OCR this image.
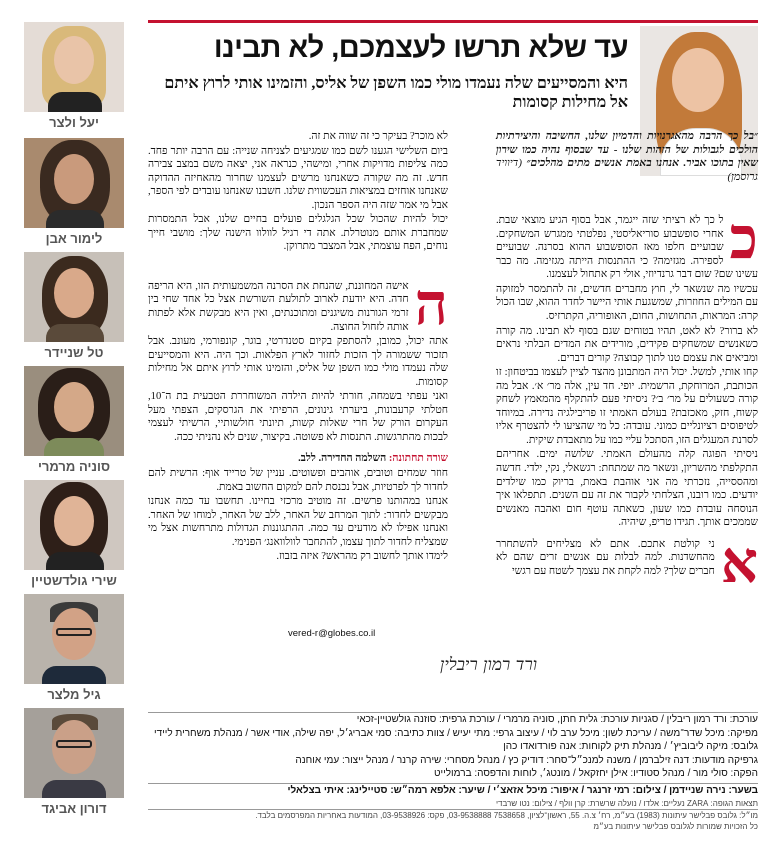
יעל ולצר
לימור אבן
טל שניידר
סוניה מרמרי
שירי גולדשטיין
גיל מלצר
דורון אביגד
עד שלא תרשו לעצמכם, לא תבינו
היא והמסייעים שלה נעמדו מולי כמו השפן של אליס, והזמינו אותי לרוץ איתם אל מחילות קסומות

״בל כך הרבה מהאגרנויות והדמיון שלנו, החשיבה והיצירתיות הולכים לגבולות של הזהות שלנו - עד שבסוף נהיה כמו שירון שאין בתוכו אביר. אנחנו באמת אנשים מתים מהלכים״ (דיוויד גרוסמן)

כ
ל כך לא רציתי שזה ייגמר, אבל בסוף הגיע מוצאי שבת. אחרי סופשבוע סוריאליסטי, נפלטתי ממגרש המשחקים. שבועיים חלפו מאז הסופשבוע ההוא בסרנה. שבועיים לספירה. מגזימה? כי ההתנסות הייתה מגזימה. מה כבר עשינו שם? שום דבר גרנדיוזי, אולי רק אתחול לעצמנו.

עכשיו מה שנשאר לי, חוץ מחברים חדשים, זה להתמסר למזוקה עם המילים החוזרות, שמשגעת אותי היישר לחדר ההוא, שבו הכול קרה: המראות, התחושות, החום, האופוריה, הקתרזיס.

לא ברור? לא לאט, תהיו בטוחים שגם בסוף לא תבינו. מה קורה כשאנשים שמשחקים פקידים, מורידים את המדים הבלתי נראים ומביאים את עצמם טנו לתוך קבוצה? קורים דברים.

קחו אותי, למשל. יכול היה המתבונן מהצד לציין לעצמו בביטחון: זו הכותבת, המרוחקת, הרשמית. יופי. חד עין, אלה מר׳ א׳. אבל מה קורה כשעולים על מר׳ ב׳? ניסיתי פעם להתקלף מהמאמץ לשחק קשוח, חזק, מאכזבת? בעולם האמתי זו פריבילגיה נדירה. במיוחד לטיפוסים רציונליים כמוני. עובדה: כל מי שהציעו לי להצטרף אליו לסרנת המעגלים הזו, הסתכל עליי כמו על מתאבדת שיקית.

ניסיתי הפוגה קלה מהעולם האמתי. שלושה ימים. אחריהם התקלפתי מהשריון, ונשאר מה שמתחת: רגשאלי, נקי, ילדי. חדשה ומהססייה, נזכרתי מה אני אוהבת באמת, בריוק כמו שילדים יודעים. כמו רובנו, הצלחתי לקבור את זה עם השנים. תתפלאו איך הנוסחה עובדת כמו שעון, כשאתה עוטף חום ואהבה מאנשים שממכים אותך. תגידו טריפ, שיהיה.

א
ני קולטת אתכם. אתם לא מצליחים להשתחרר מהחשדנות. למה לבלות עם אנשים זרים שהם לא חברים שלך? למה לקחת את עצמך לשטח עם רגשי

לא מוכר? בעיקר כי זה שווה את זה.

ביום השלישי הגענו לשם כמו שמגיעים לצניחה שנייה: עם הרבה יותר פחד. כמה צליפות מדויקות אחרי, ומישהי, כנראה אני, יצאה משם במצב צבירה חדש. זה מה שקורה כשאנחנו מרשים לעצמנו שחרור מהאחיזה ההדוקה שאנחנו אוחזים במציאות העכשווית שלנו. חשבנו שאנחנו עובדים לפי הספר, אבל מי אמר שזה היה הספר הנכון.

יכול להיות שהכול שכל הגלגלים פועלים בחיים שלנו, אבל התמסרות שמחברת אותם מנוטרלת. אתה די רגיל לוולוו הישנה שלך: מושבי חייך נוחים, הפח עוצמתי, אבל המצבר מתרוקן.

ה
אישה המחוננת, שהנחת את הסרנה המשמעותית הזו, היא הריפה חדה. היא יודעת לארוב לתולעת השורשת אצל כל אחד שחי בין זרמי הגורנות משיגנים ומתוכנתים, ואין היא מבקשת אלא לפתות אותה לזחול החוצה.

אתה יכול, כמובן, להסתפק בקיום סטנדרטי, בוגר, קונפורמי, מעונב. אבל תזכור ששמורה לך הזכות לחזור לארץ הפלאות. וכך היה. היא והמסייעים שלה נעמדו מולי כמו השפן של אליס, והזמינו אותי לרוץ איתם אל מחילות קסומות.

ואני עפתי בשמחה, חורתי להיות הילדה המשוחררת הטבעית בת ה־10, חטלתי קרעבונות, ביערתי גינונים, הרפיתי את הגרסקים, הצפתי מעל העקרום הורק של חרי שאלות קשות, תיונתי חולשותיי, הרשיתי לעצמי לבכות מהתרגשות. התנסות לא פשוטה. בקיצור, שנים לא נהניתי ככה.

שורה תחתונה: השלמה החדירה. ללב.

חוזר שמחים וטובים, אוהבים ופשוטים. עניין של טרייד אוף: הרשית להם לחדור לך לפרטיות, אבל נכנסת להם למקום החשוב באמת.

אנחנו במהותנו פרשים. זה מוטיב מרכזי בחיינו. תחשבו עד כמה אנחנו מבקשים לחדור: לתוך המרחב של האחר, ללב של האחר, למוחו של האחר. ואנחנו אפילו לא מודעים עד כמה. ההתגוננות הגדולות מתרחשות אצל מי שמצליח לחדור לתוך עצמו, להתחבר לוולוואנג׳ הפנימי.

לימדו אותך לחשוב רק מהראש? איזה בזבוז.

vered-r@globes.co.il
ורד רמון ריבלין
עורכת: ורד רמון ריבלין / סגניות עורכת: גלית חתן, סוניה מרמרי / עורכת גרפית: סוזנה גולשטיין-זכאי
מפיקה: מיכל שדר־משה / עריכת לשון: מיכל ערב לוי / עיצוב גרפי: מתי יעיש / צוות כתיבה: סמי אבריג׳ל, יפה שילה, אודי אשר / מנהלת משחרית ליידי גלובס: מיקה ליבוביץ׳ / מנהלת תיק לקוחות: אנה פורדואדו כהן
גרפיקה מודעות: דנה זילברמן / משנה למנכ״ל־סחר: דודיק כץ / מנהל מסחרי: שירה קרנר / מנהל ייצור: עמי אוחנה
הפקה: סולי מור / מנהל סטודיו: אילן יחזקאל / מונטג׳, לוחות והדפסה: ברמולייט
בשער: נירה שניידמן / צילום: רמי זרנגר / איפור: מיכל אזאצ׳י / שיער: אלפא רמה״ש: סטיילינג: איתי בצלאלי
תצאות הגופה: ZARA נעליים: אלדו / נועלה שרשרת: קרן וולף / צילום: נטו שרבדי
מו״ל: גלובס פבלישר עיתונות (1983) בע״מ, רח׳ צ.ה. 55, ראשון־לציון, 7538658 03-9538888, פקס: 03-9538926, המודעות באחריות המפרסמים בלבד.
כל הזכויות שמורות לגלובס פבלישר עיתונות בע״מ
